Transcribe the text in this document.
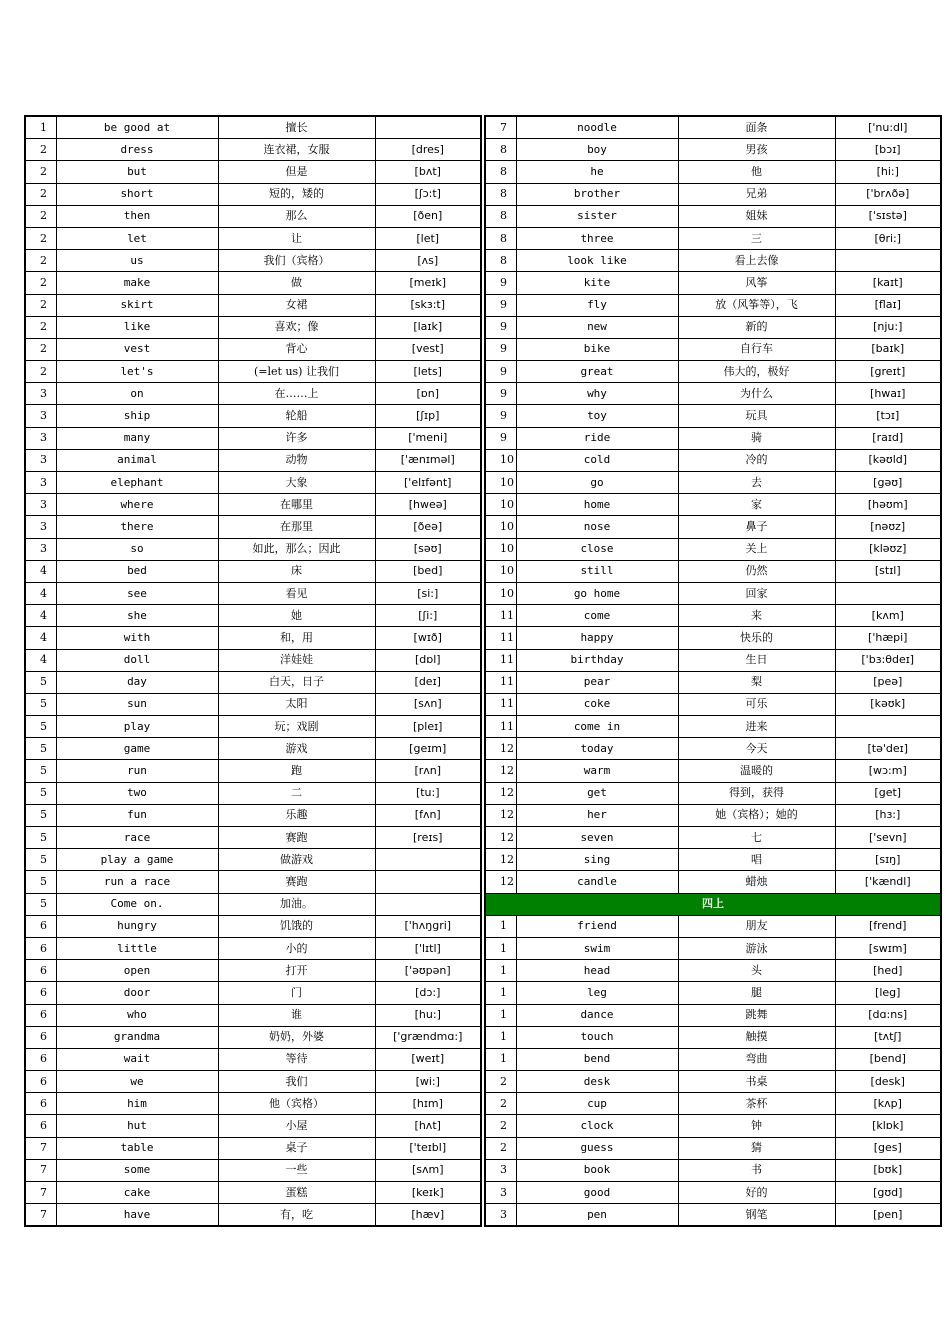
1	be good at	擅长	
2	dress	连衣裙，女服	[dres]
2	but	但是	[bʌt]
2	short	短的，矮的	[ʃɔ:t]
2	then	那么	[ðen]
2	let	让	[let]
2	us	我们（宾格）	[ʌs]
2	make	做	[meɪk]
2	skirt	女裙	[skɜ:t]
2	like	喜欢；像	[laɪk]
2	vest	背心	[vest]
2	let's	(=let us) 让我们	[lets]
3	on	在……上	[ɒn]
3	ship	轮船	[ʃɪp]
3	many	许多	['meni]
3	animal	动物	['ænɪməl]
3	elephant	大象	['elɪfənt]
3	where	在哪里	[hweə]
3	there	在那里	[ðeə]
3	so	如此，那么；因此	[səʊ]
4	bed	床	[bed]
4	see	看见	[si:]
4	she	她	[ʃi:]
4	with	和，用	[wɪð]
4	doll	洋娃娃	[dɒl]
5	day	白天，日子	[deɪ]
5	sun	太阳	[sʌn]
5	play	玩；戏剧	[pleɪ]
5	game	游戏	[geɪm]
5	run	跑	[rʌn]
5	two	二	[tu:]
5	fun	乐趣	[fʌn]
5	race	赛跑	[reɪs]
5	play a game	做游戏	
5	run a race	赛跑	
5	Come on.	加油。	
6	hungry	饥饿的	['hʌŋgri]
6	little	小的	['lɪtl]
6	open	打开	['əʊpən]
6	door	门	[dɔ:]
6	who	谁	[hu:]
6	grandma	奶奶，外婆	['grændmɑ:]
6	wait	等待	[weɪt]
6	we	我们	[wi:]
6	him	他（宾格）	[hɪm]
6	hut	小屋	[hʌt]
7	table	桌子	['teɪbl]
7	some	一些	[sʌm]
7	cake	蛋糕	[keɪk]
7	have	有，吃	[hæv]
7	noodle	面条	['nu:dl]
8	boy	男孩	[bɔɪ]
8	he	他	[hi:]
8	brother	兄弟	['brʌðə]
8	sister	姐妹	['sɪstə]
8	three	三	[θri:]
8	look like	看上去像	
9	kite	风筝	[kaɪt]
9	fly	放（风筝等），飞	[flaɪ]
9	new	新的	[nju:]
9	bike	自行车	[baɪk]
9	great	伟大的，极好	[greɪt]
9	why	为什么	[hwaɪ]
9	toy	玩具	[tɔɪ]
9	ride	骑	[raɪd]
10	cold	冷的	[kəʊld]
10	go	去	[gəʊ]
10	home	家	[həʊm]
10	nose	鼻子	[nəʊz]
10	close	关上	[kləʊz]
10	still	仍然	[stɪl]
10	go home	回家	
11	come	来	[kʌm]
11	happy	快乐的	['hæpi]
11	birthday	生日	['bɜ:θdeɪ]
11	pear	梨	[peə]
11	coke	可乐	[kəʊk]
11	come in	进来	
12	today	今天	[tə'deɪ]
12	warm	温暖的	[wɔ:m]
12	get	得到，获得	[get]
12	her	她（宾格）；她的	[hɜ:]
12	seven	七	['sevn]
12	sing	唱	[sɪŋ]
12	candle	蜡烛	['kændl]
四上			
1	friend	朋友	[frend]
1	swim	游泳	[swɪm]
1	head	头	[hed]
1	leg	腿	[leg]
1	dance	跳舞	[dɑ:ns]
1	touch	触摸	[tʌtʃ]
1	bend	弯曲	[bend]
2	desk	书桌	[desk]
2	cup	茶杯	[kʌp]
2	clock	钟	[klɒk]
2	guess	猜	[ges]
3	book	书	[bʊk]
3	good	好的	[gʊd]
3	pen	钢笔	[pen]
